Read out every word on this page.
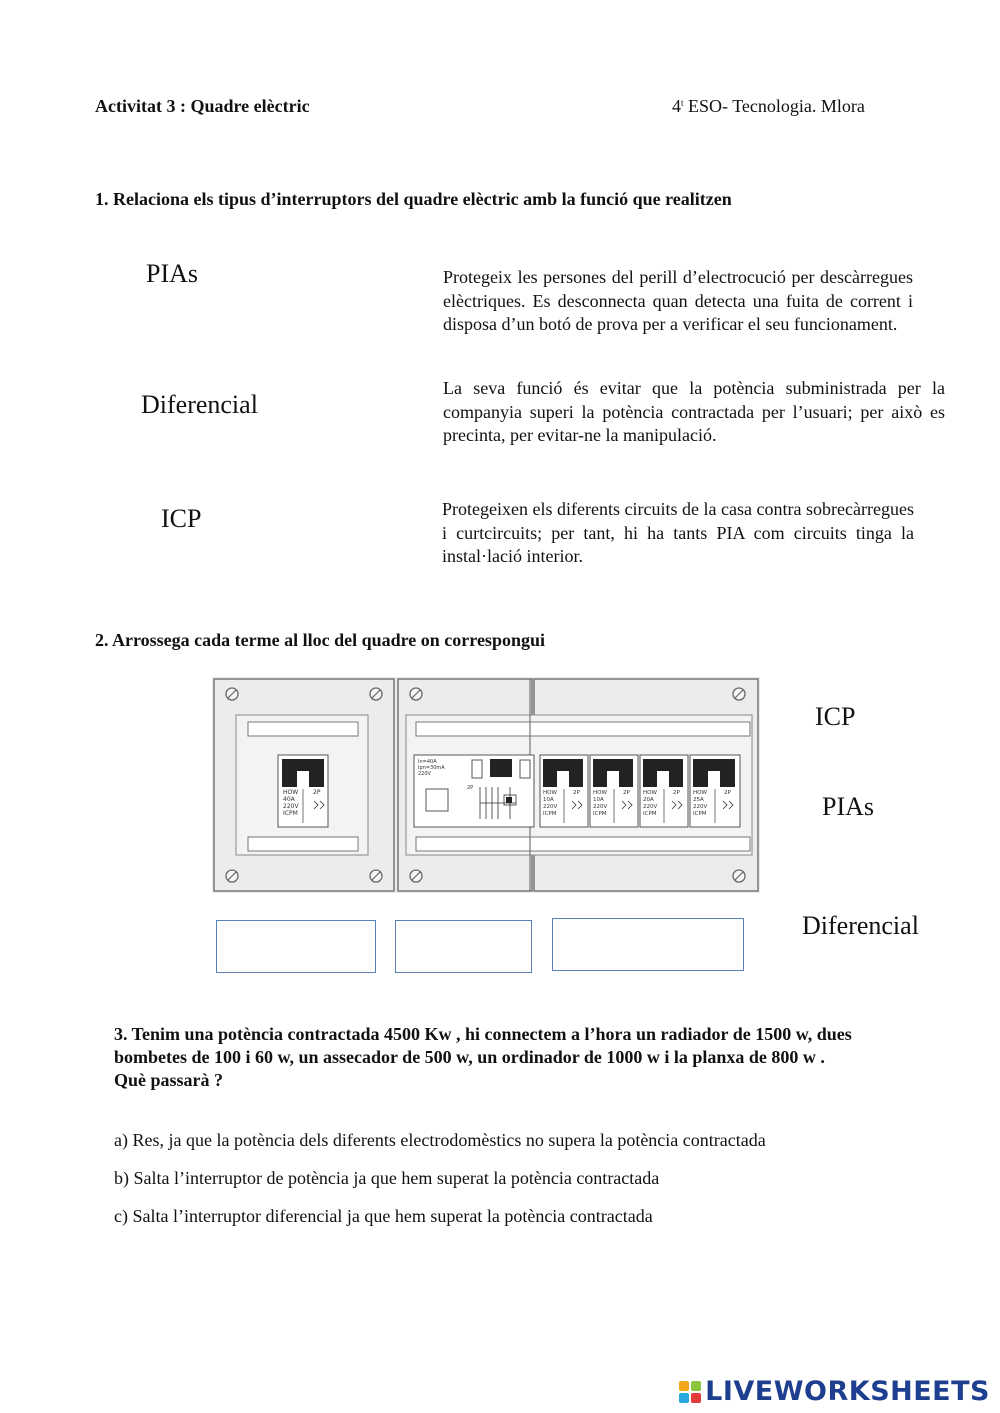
Activitat 3 : Quadre elèctric	4$^t$ ESO- Tecnologia. Mlora
1. Relaciona els tipus d’interruptors del quadre elèctric amb la funció que realitzen
PIAs
Diferencial
ICP
Protegeix les persones del perill d’electrocució per descàrregues elèctriques. Es desconnecta quan detecta una fuita de corrent i disposa d’un botó de prova per a verificar el seu funcionament.
La seva funció és evitar que la potència subministrada per la companyia superi la potència contractada per l’usuari; per això es precinta, per evitar-ne la manipulació.
Protegeixen els diferents circuits de la casa contra sobrecàrregues i curtcircuits; per tant, hi ha tants PIA com circuits tinga la instal·lació interior.
2. Arrossega cada terme al lloc del quadre on correspongui
HOW
40A
220V
ICPM
2P
In=40A
Ipn=30mA
220V
2P
HOW
10A
220V
ICPM
2P HOW
10A
220V
ICPM
2P HOW
20A
220V
ICPM
2P HOW
25A
220V
ICPM
2P
ICP
PIAs
Diferencial
3. Tenim una potència contractada 4500 Kw , hi connectem a l’hora un radiador de 1500 w, dues
bombetes de 100 i 60 w, un assecador de 500 w, un ordinador de 1000 w i la planxa de 800 w .
Què passarà ?
a) Res, ja que la potència dels diferents electrodomèstics no supera la potència contractada
b) Salta l’interruptor de potència ja que hem superat la potència contractada
c) Salta l’interruptor diferencial ja que hem superat la potència contractada
LIVEWORKSHEETS
